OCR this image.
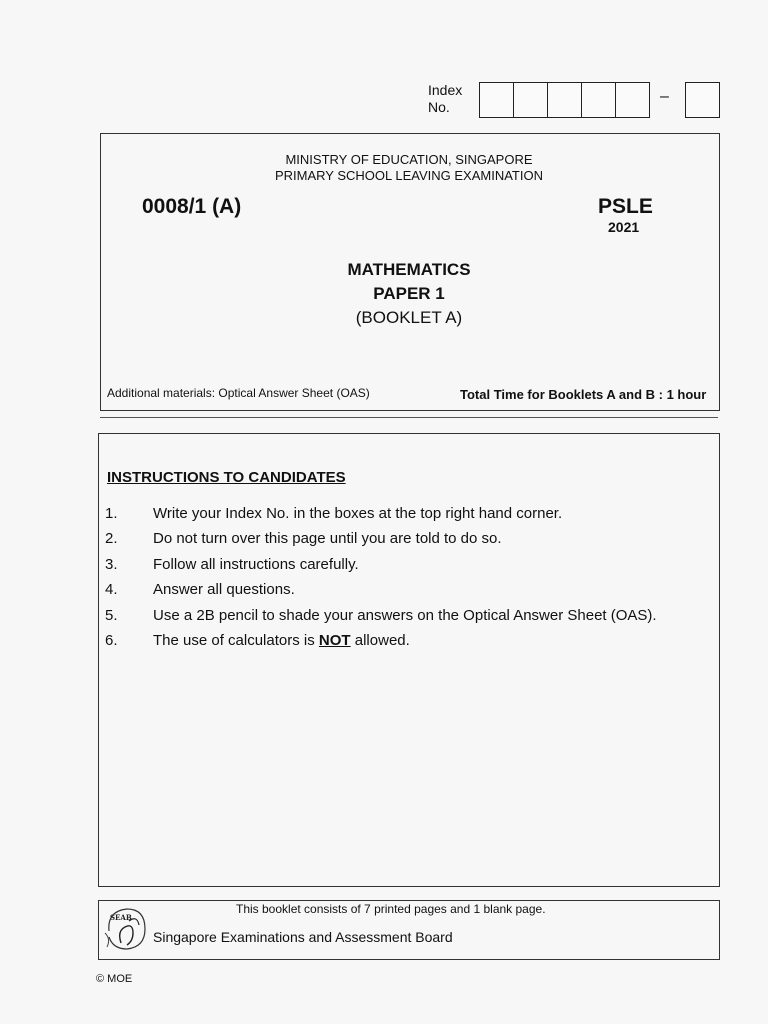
Index
No.
–
MINISTRY OF EDUCATION, SINGAPORE
PRIMARY SCHOOL LEAVING EXAMINATION
0008/1 (A)	PSLE
2021
MATHEMATICS
PAPER 1
(BOOKLET A)
Additional materials: Optical Answer Sheet (OAS)	Total Time for Booklets A and B : 1 hour
INSTRUCTIONS TO CANDIDATES
1.	Write your Index No. in the boxes at the top right hand corner.
2.	Do not turn over this page until you are told to do so.
3.	Follow all instructions carefully.
4.	Answer all questions.
5.	Use a 2B pencil to shade your answers on the Optical Answer Sheet (OAS).
6.	The use of calculators is NOT allowed.
This booklet consists of 7 printed pages and 1 blank page.
SEAB
Singapore Examinations and Assessment Board
© MOE
